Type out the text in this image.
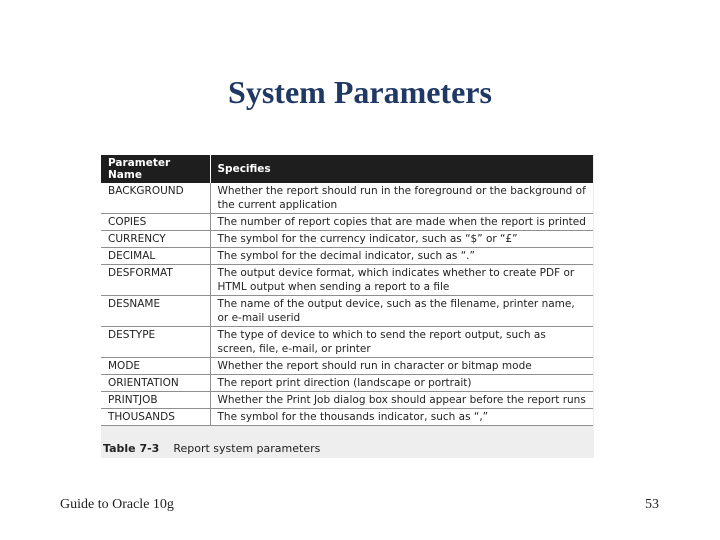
System Parameters
Parameter Name	Specifies
BACKGROUND	Whether the report should run in the foreground or the background of the current application
COPIES	The number of report copies that are made when the report is printed
CURRENCY	The symbol for the currency indicator, such as “$” or “£”
DECIMAL	The symbol for the decimal indicator, such as “.”
DESFORMAT	The output device format, which indicates whether to create PDF or HTML output when sending a report to a file
DESNAME	The name of the output device, such as the filename, printer name, or e-mail userid
DESTYPE	The type of device to which to send the report output, such as screen, file, e-mail, or printer
MODE	Whether the report should run in character or bitmap mode
ORIENTATION	The report print direction (landscape or portrait)
PRINTJOB	Whether the Print Job dialog box should appear before the report runs
THOUSANDS	The symbol for the thousands indicator, such as “,”
Table 7-3 Report system parameters
Guide to Oracle 10g	53
